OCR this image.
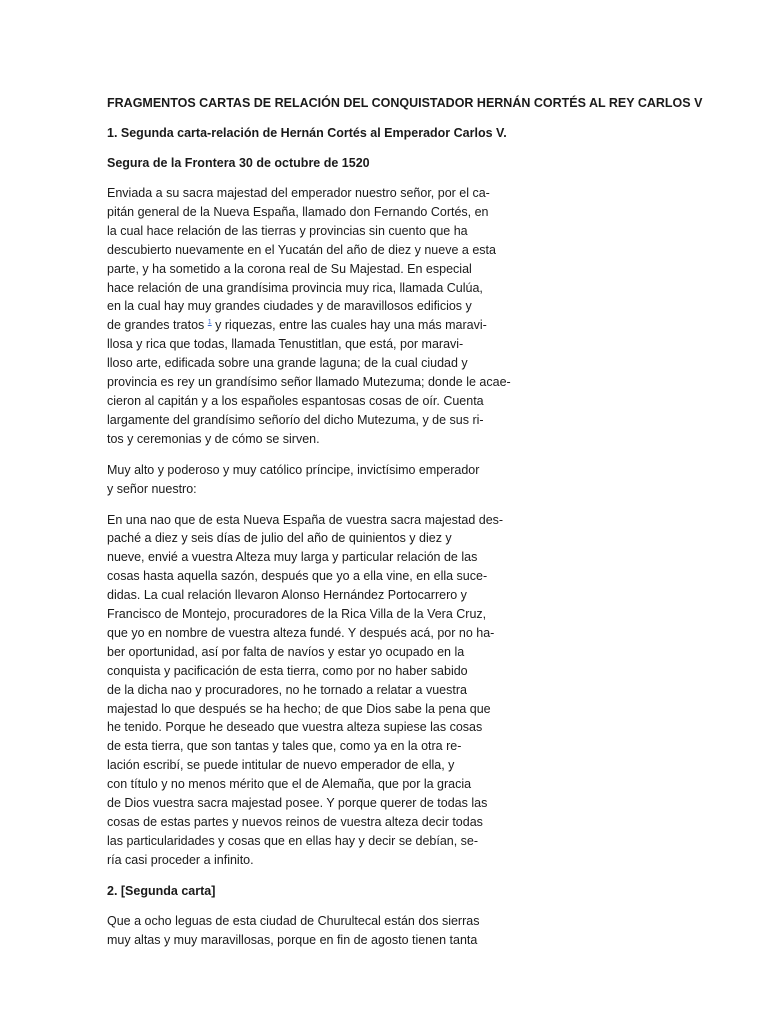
FRAGMENTOS CARTAS DE RELACIÓN DEL CONQUISTADOR HERNÁN CORTÉS AL REY CARLOS V
1. Segunda carta-relación de Hernán Cortés al Emperador Carlos V.
Segura de la Frontera 30 de octubre de 1520
Enviada a su sacra majestad del emperador nuestro señor, por el ca-
pitán general de la Nueva España, llamado don Fernando Cortés, en
la cual hace relación de las tierras y provincias sin cuento que ha
descubierto nuevamente en el Yucatán del año de diez y nueve a esta
parte, y ha sometido a la corona real de Su Majestad. En especial
hace relación de una grandísima provincia muy rica, llamada Culúa,
en la cual hay muy grandes ciudades y de maravillosos edificios y
de grandes tratos $^1$ y riquezas, entre las cuales hay una más maravi-
llosa y rica que todas, llamada Tenustitlan, que está, por maravi-
lloso arte, edificada sobre una grande laguna; de la cual ciudad y
provincia es rey un grandísimo señor llamado Mutezuma; donde le acae-
cieron al capitán y a los españoles espantosas cosas de oír. Cuenta
largamente del grandísimo señorío del dicho Mutezuma, y de sus ri-
tos y ceremonias y de cómo se sirven.
Muy alto y poderoso y muy católico príncipe, invictísimo emperador
y señor nuestro:
En una nao que de esta Nueva España de vuestra sacra majestad des-
paché a diez y seis días de julio del año de quinientos y diez y
nueve, envié a vuestra Alteza muy larga y particular relación de las
cosas hasta aquella sazón, después que yo a ella vine, en ella suce-
didas. La cual relación llevaron Alonso Hernández Portocarrero y
Francisco de Montejo, procuradores de la Rica Villa de la Vera Cruz,
que yo en nombre de vuestra alteza fundé. Y después acá, por no ha-
ber oportunidad, así por falta de navíos y estar yo ocupado en la
conquista y pacificación de esta tierra, como por no haber sabido
de la dicha nao y procuradores, no he tornado a relatar a vuestra
majestad lo que después se ha hecho; de que Dios sabe la pena que
he tenido. Porque he deseado que vuestra alteza supiese las cosas
de esta tierra, que son tantas y tales que, como ya en la otra re-
lación escribí, se puede intitular de nuevo emperador de ella, y
con título y no menos mérito que el de Alemaña, que por la gracia
de Dios vuestra sacra majestad posee. Y porque querer de todas las
cosas de estas partes y nuevos reinos de vuestra alteza decir todas
las particularidades y cosas que en ellas hay y decir se debían, se-
ría casi proceder a infinito.
2. [Segunda carta]
Que a ocho leguas de esta ciudad de Churultecal están dos sierras
muy altas y muy maravillosas, porque en fin de agosto tienen tanta
